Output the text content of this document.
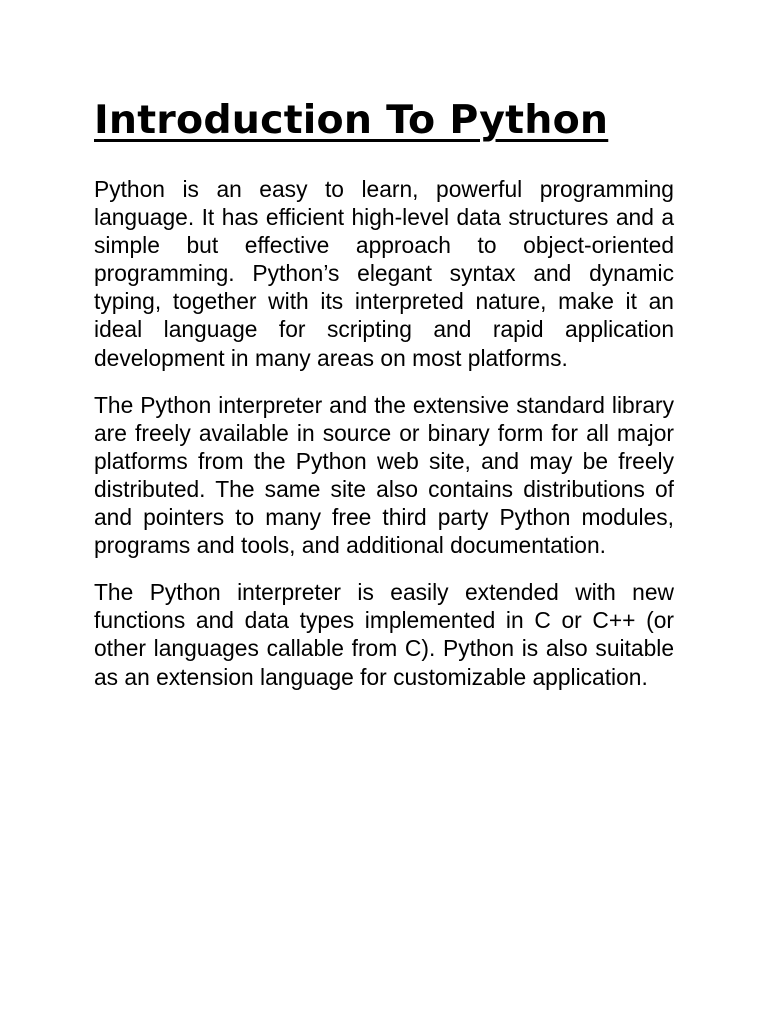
Introduction To Python

Python is an easy to learn, powerful programming language. It has efficient high-level data structures and a simple but effective approach to object-oriented programming. Python’s elegant syntax and dynamic typing, together with its interpreted nature, make it an ideal language for scripting and rapid application development in many areas on most platforms.

The Python interpreter and the extensive standard library are freely available in source or binary form for all major platforms from the Python web site, and may be freely distributed. The same site also contains distributions of and pointers to many free third party Python modules, programs and tools, and additional documentation.

The Python interpreter is easily extended with new functions and data types implemented in C or C++ (or other languages callable from C). Python is also suitable as an extension language for customizable application.
